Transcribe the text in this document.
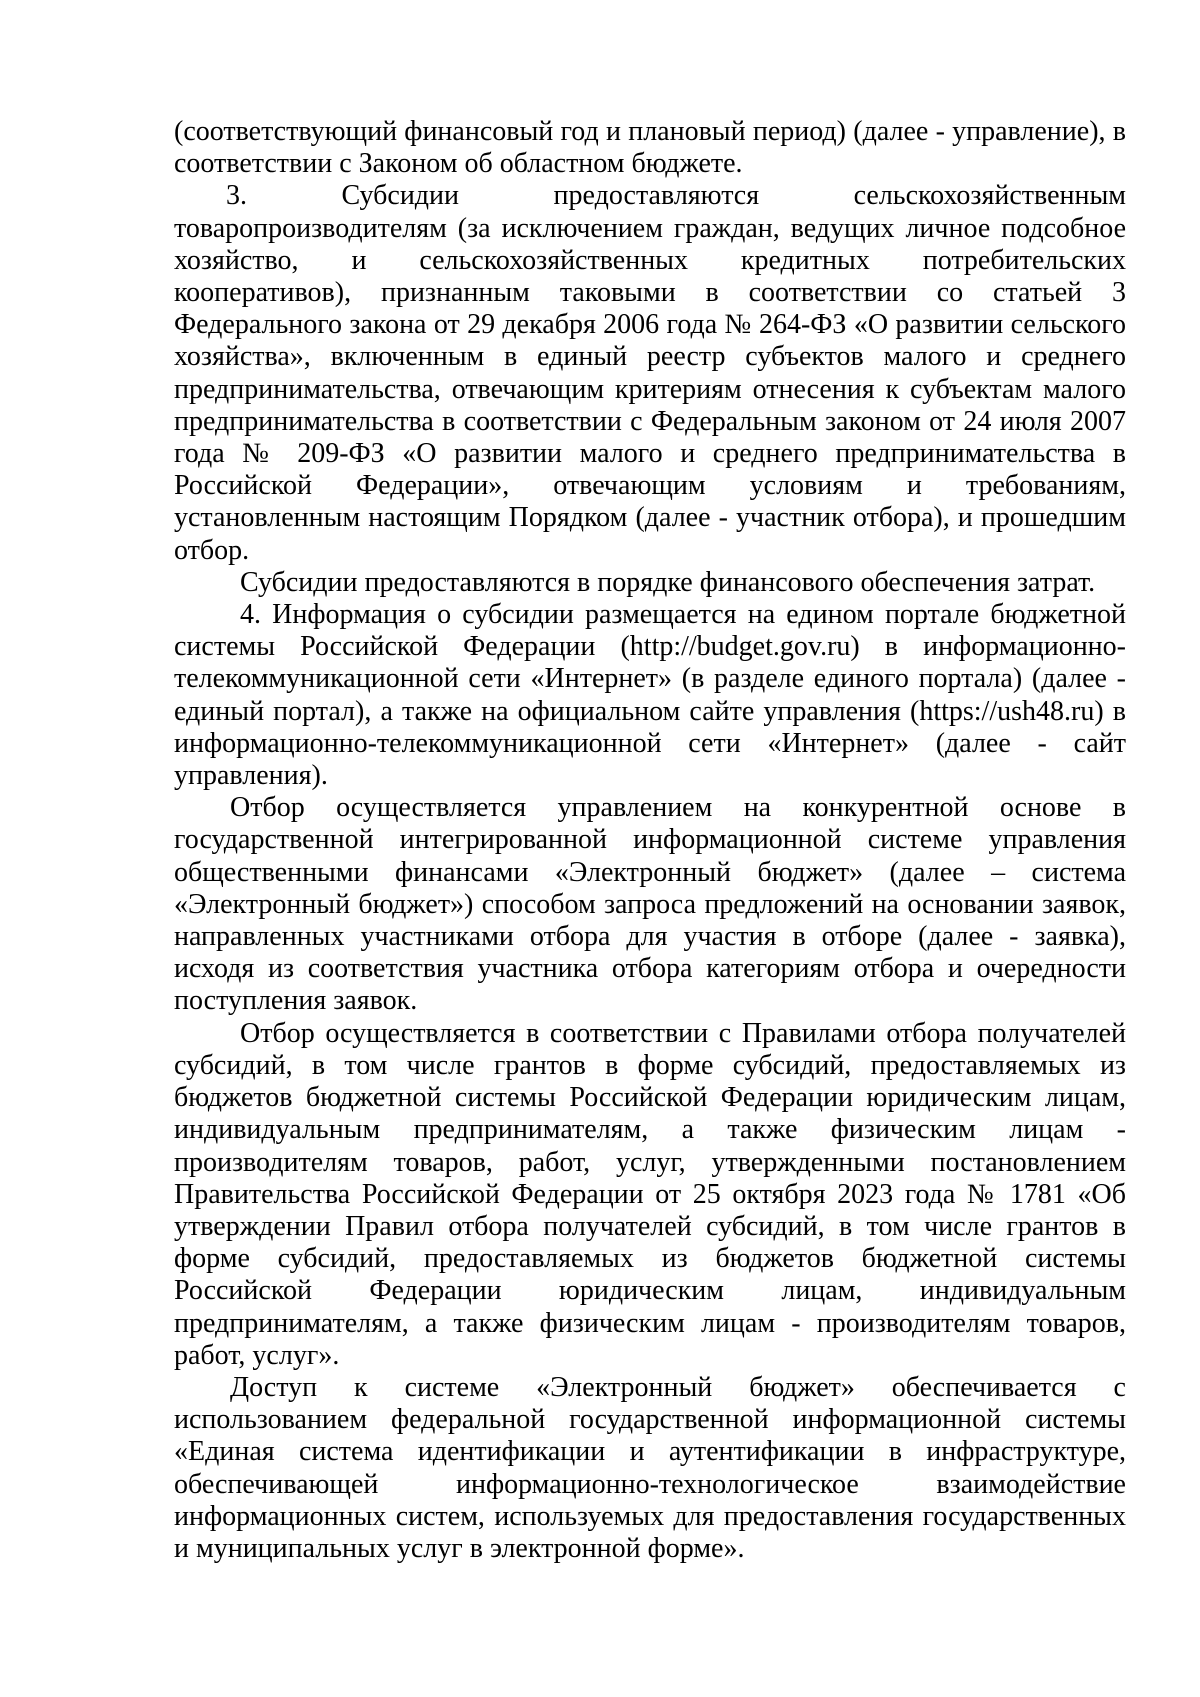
(соответствующий финансовый год и плановый период) (далее - управление), в соответствии с Законом об областном бюджете.

3. Субсидии предоставляются сельскохозяйственным товаропроизводителям (за исключением граждан, ведущих личное подсобное хозяйство, и сельскохозяйственных кредитных потребительских кооперативов), признанным таковыми в соответствии со статьей 3 Федерального закона от 29 декабря 2006 года № 264-ФЗ «О развитии сельского хозяйства», включенным в единый реестр субъектов малого и среднего предпринимательства, отвечающим критериям отнесения к субъектам малого предпринимательства в соответствии с Федеральным законом от 24 июля 2007 года № 209-ФЗ «О развитии малого и среднего предпринимательства в Российской Федерации», отвечающим условиям и требованиям, установленным настоящим Порядком (далее - участник отбора), и прошедшим отбор.

Субсидии предоставляются в порядке финансового обеспечения затрат.

4. Информация о субсидии размещается на едином портале бюджетной системы Российской Федерации (http://budget.gov.ru) в информационно-телекоммуникационной сети «Интернет» (в разделе единого портала) (далее - единый портал), а также на официальном сайте управления (https://ush48.ru) в информационно-телекоммуникационной сети «Интернет» (далее - сайт управления).

Отбор осуществляется управлением на конкурентной основе в государственной интегрированной информационной системе управления общественными финансами «Электронный бюджет» (далее – система «Электронный бюджет») способом запроса предложений на основании заявок, направленных участниками отбора для участия в отборе (далее - заявка), исходя из соответствия участника отбора категориям отбора и очередности поступления заявок.

Отбор осуществляется в соответствии с Правилами отбора получателей субсидий, в том числе грантов в форме субсидий, предоставляемых из бюджетов бюджетной системы Российской Федерации юридическим лицам, индивидуальным предпринимателям, а также физическим лицам - производителям товаров, работ, услуг, утвержденными постановлением Правительства Российской Федерации от 25 октября 2023 года № 1781 «Об утверждении Правил отбора получателей субсидий, в том числе грантов в форме субсидий, предоставляемых из бюджетов бюджетной системы Российской Федерации юридическим лицам, индивидуальным предпринимателям, а также физическим лицам - производителям товаров, работ, услуг».

Доступ к системе «Электронный бюджет» обеспечивается с использованием федеральной государственной информационной системы «Единая система идентификации и аутентификации в инфраструктуре, обеспечивающей информационно-технологическое взаимодействие информационных систем, используемых для предоставления государственных и муниципальных услуг в электронной форме».
